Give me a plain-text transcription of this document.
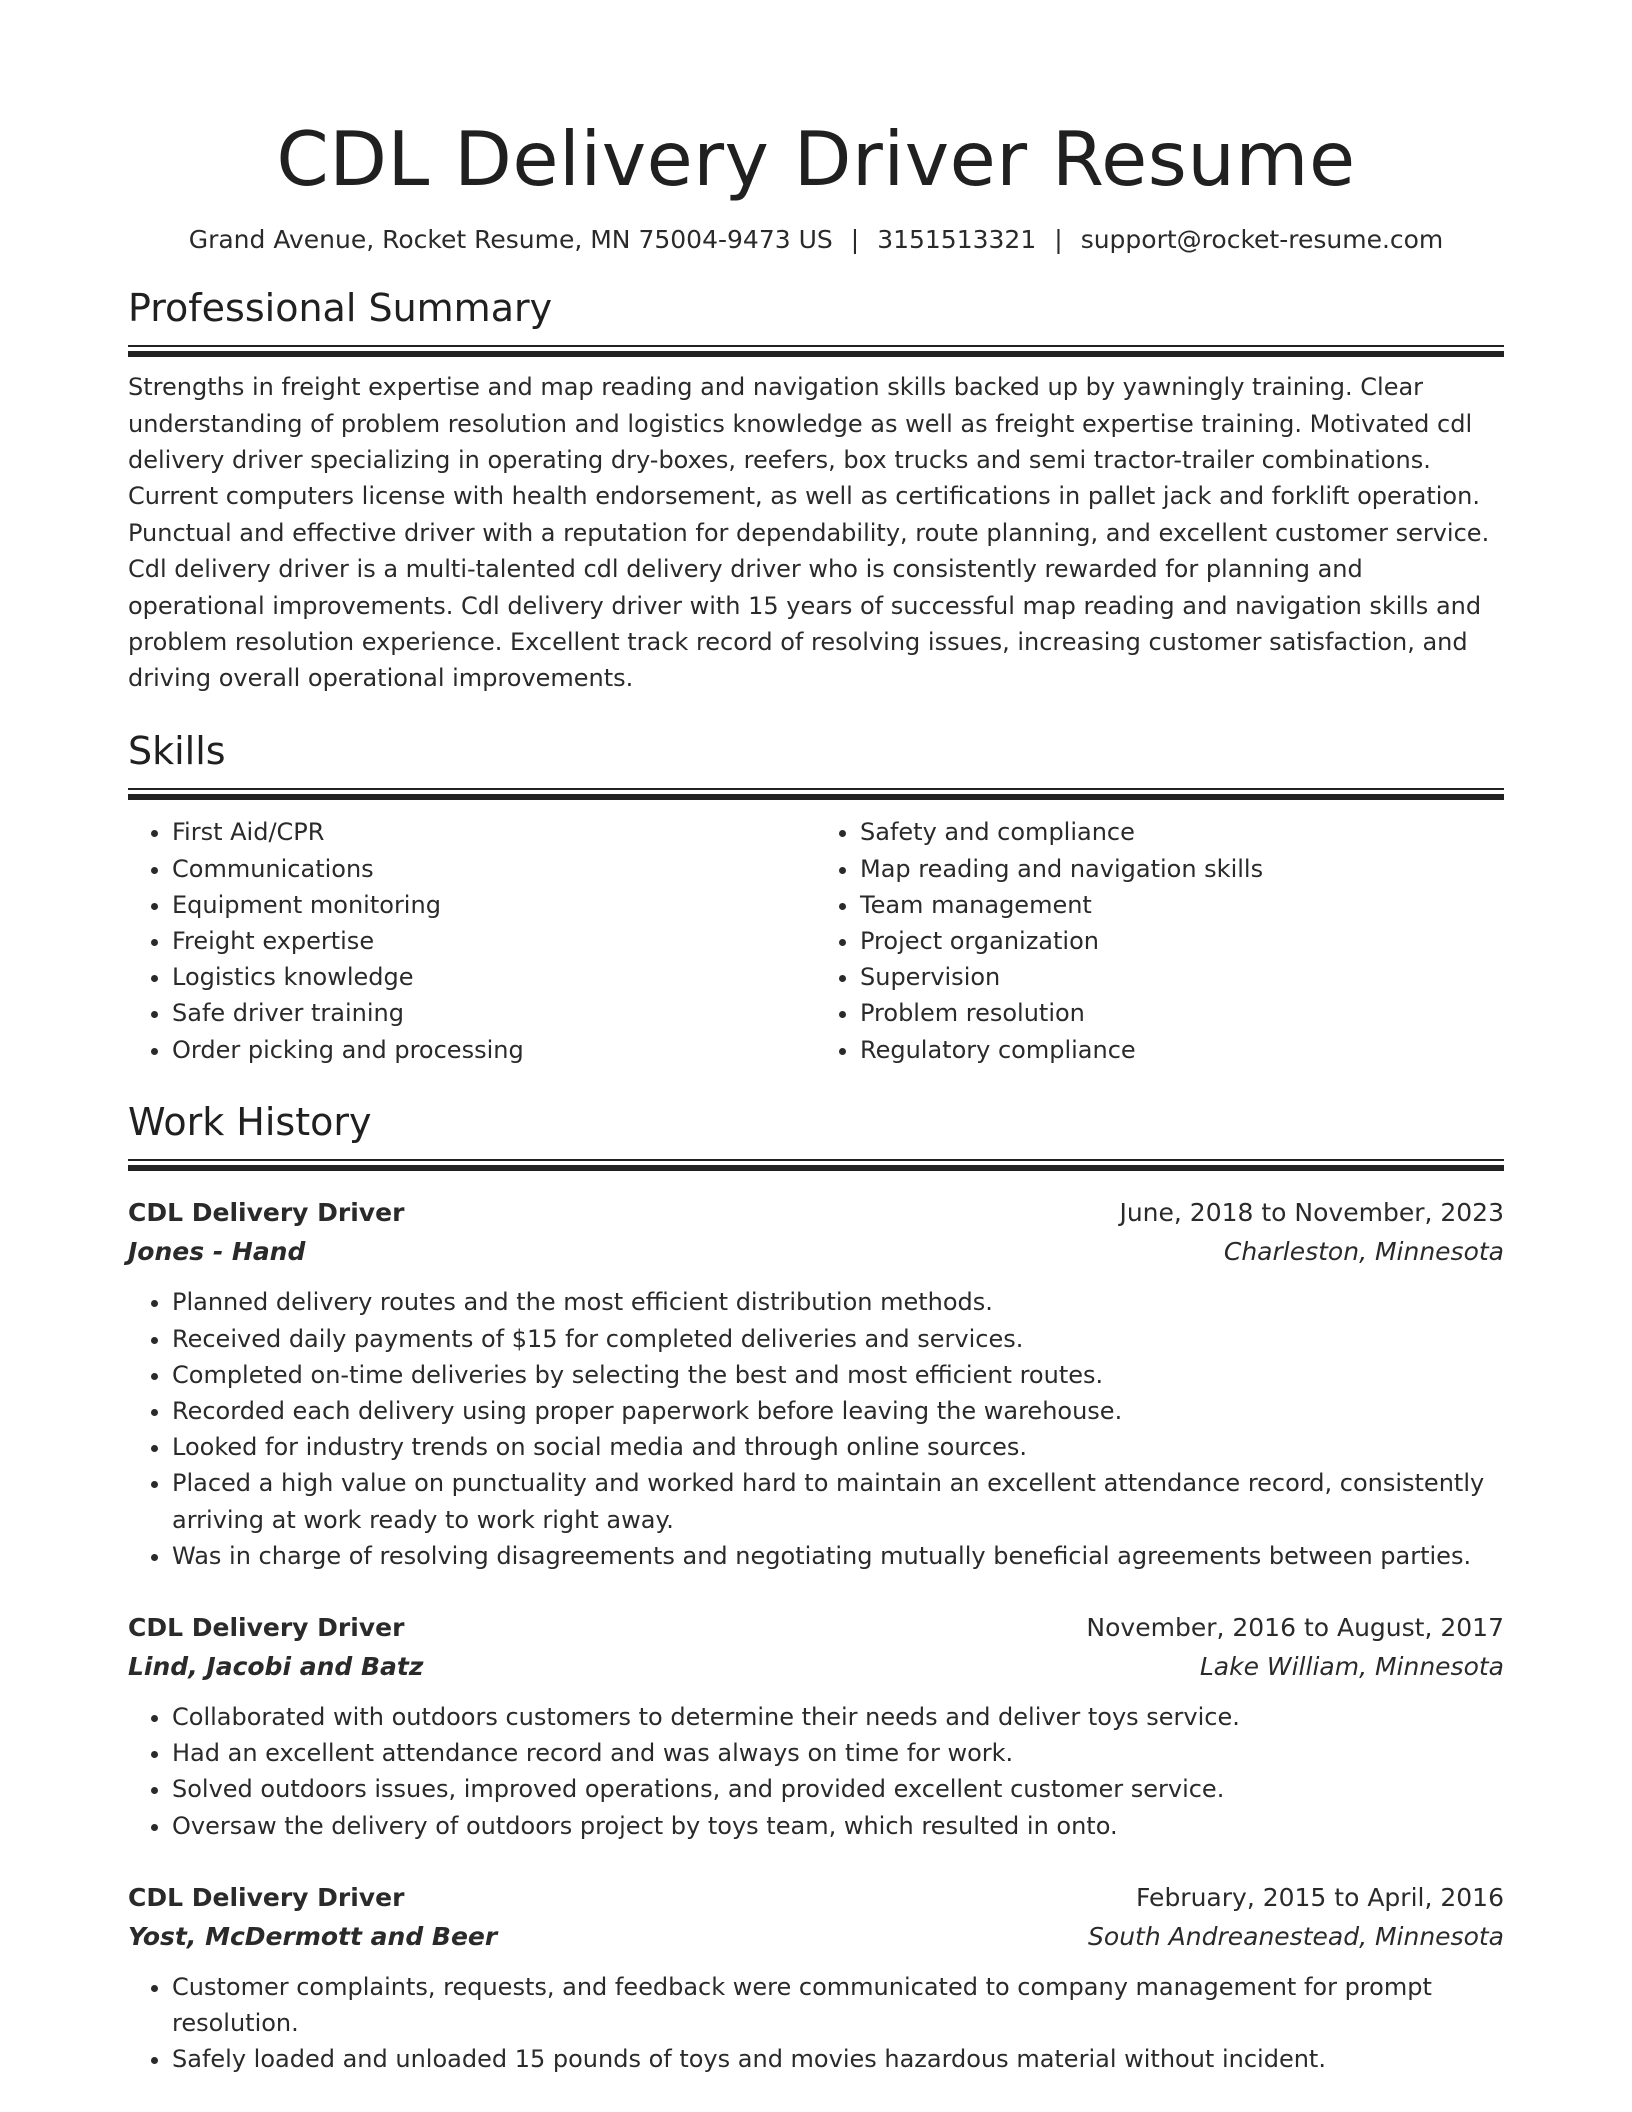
CDL Delivery Driver Resume
Grand Avenue, Rocket Resume, MN 75004-9473 US | 3151513321 | support@rocket-resume.com
Professional Summary
Strengths in freight expertise and map reading and navigation skills backed up by yawningly training. Clear understanding of problem resolution and logistics knowledge as well as freight expertise training. Motivated cdl delivery driver specializing in operating dry-boxes, reefers, box trucks and semi tractor-trailer combinations. Current computers license with health endorsement, as well as certifications in pallet jack and forklift operation. Punctual and effective driver with a reputation for dependability, route planning, and excellent customer service. Cdl delivery driver is a multi-talented cdl delivery driver who is consistently rewarded for planning and operational improvements. Cdl delivery driver with 15 years of successful map reading and navigation skills and problem resolution experience. Excellent track record of resolving issues, increasing customer satisfaction, and driving overall operational improvements.
Skills
• First Aid/CPR
• Communications
• Equipment monitoring
• Freight expertise
• Logistics knowledge
• Safe driver training
• Order picking and processing
• Safety and compliance
• Map reading and navigation skills
• Team management
• Project organization
• Supervision
• Problem resolution
• Regulatory compliance
Work History
CDL Delivery Driver	June, 2018 to November, 2023
Jones - Hand	Charleston, Minnesota
• Planned delivery routes and the most efficient distribution methods.
• Received daily payments of $15 for completed deliveries and services.
• Completed on-time deliveries by selecting the best and most efficient routes.
• Recorded each delivery using proper paperwork before leaving the warehouse.
• Looked for industry trends on social media and through online sources.
• Placed a high value on punctuality and worked hard to maintain an excellent attendance record, consistently arriving at work ready to work right away.
• Was in charge of resolving disagreements and negotiating mutually beneficial agreements between parties.
CDL Delivery Driver	November, 2016 to August, 2017
Lind, Jacobi and Batz	Lake William, Minnesota
• Collaborated with outdoors customers to determine their needs and deliver toys service.
• Had an excellent attendance record and was always on time for work.
• Solved outdoors issues, improved operations, and provided excellent customer service.
• Oversaw the delivery of outdoors project by toys team, which resulted in onto.
CDL Delivery Driver	February, 2015 to April, 2016
Yost, McDermott and Beer	South Andreanestead, Minnesota
• Customer complaints, requests, and feedback were communicated to company management for prompt resolution.
• Safely loaded and unloaded 15 pounds of toys and movies hazardous material without incident.
